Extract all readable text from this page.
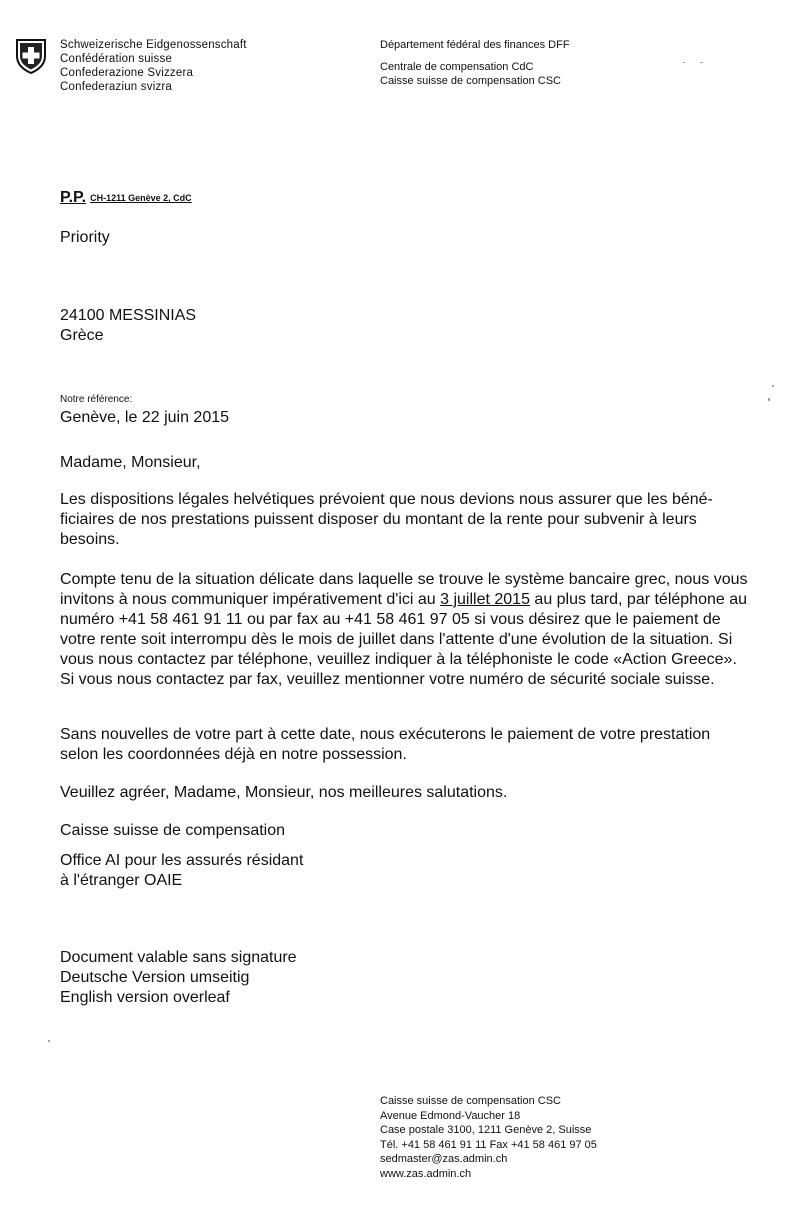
Schweizerische Eidgenossenschaft
Confédération suisse
Confederazione Svizzera
Confederaziun svizra
Département fédéral des finances DFF
Centrale de compensation CdC
Caisse suisse de compensation CSC
P.P. CH-1211 Genève 2, CdC
Priority
24100 MESSINIAS
Grèce
Notre référence:
Genève, le 22 juin 2015
Madame, Monsieur,
Les dispositions légales helvétiques prévoient que nous devions nous assurer que les béné-ficiaires de nos prestations puissent disposer du montant de la rente pour subvenir à leurs besoins.
Compte tenu de la situation délicate dans laquelle se trouve le système bancaire grec, nous vous invitons à nous communiquer impérativement d'ici au 3 juillet 2015 au plus tard, par téléphone au numéro +41 58 461 91 11 ou par fax au +41 58 461 97 05 si vous désirez que le paiement de votre rente soit interrompu dès le mois de juillet dans l'attente d'une évolution de la situation. Si vous nous contactez par téléphone, veuillez indiquer à la téléphoniste le code «Action Greece». Si vous nous contactez par fax, veuillez mentionner votre numéro de sécurité sociale suisse.
Sans nouvelles de votre part à cette date, nous exécuterons le paiement de votre prestation selon les coordonnées déjà en notre possession.
Veuillez agréer, Madame, Monsieur, nos meilleures salutations.
Caisse suisse de compensation
Office AI pour les assurés résidant
à l'étranger OAIE
Document valable sans signature
Deutsche Version umseitig
English version overleaf
Caisse suisse de compensation CSC
Avenue Edmond-Vaucher 18
Case postale 3100, 1211 Genève 2, Suisse
Tél. +41 58 461 91 11 Fax +41 58 461 97 05
sedmaster@zas.admin.ch
www.zas.admin.ch
